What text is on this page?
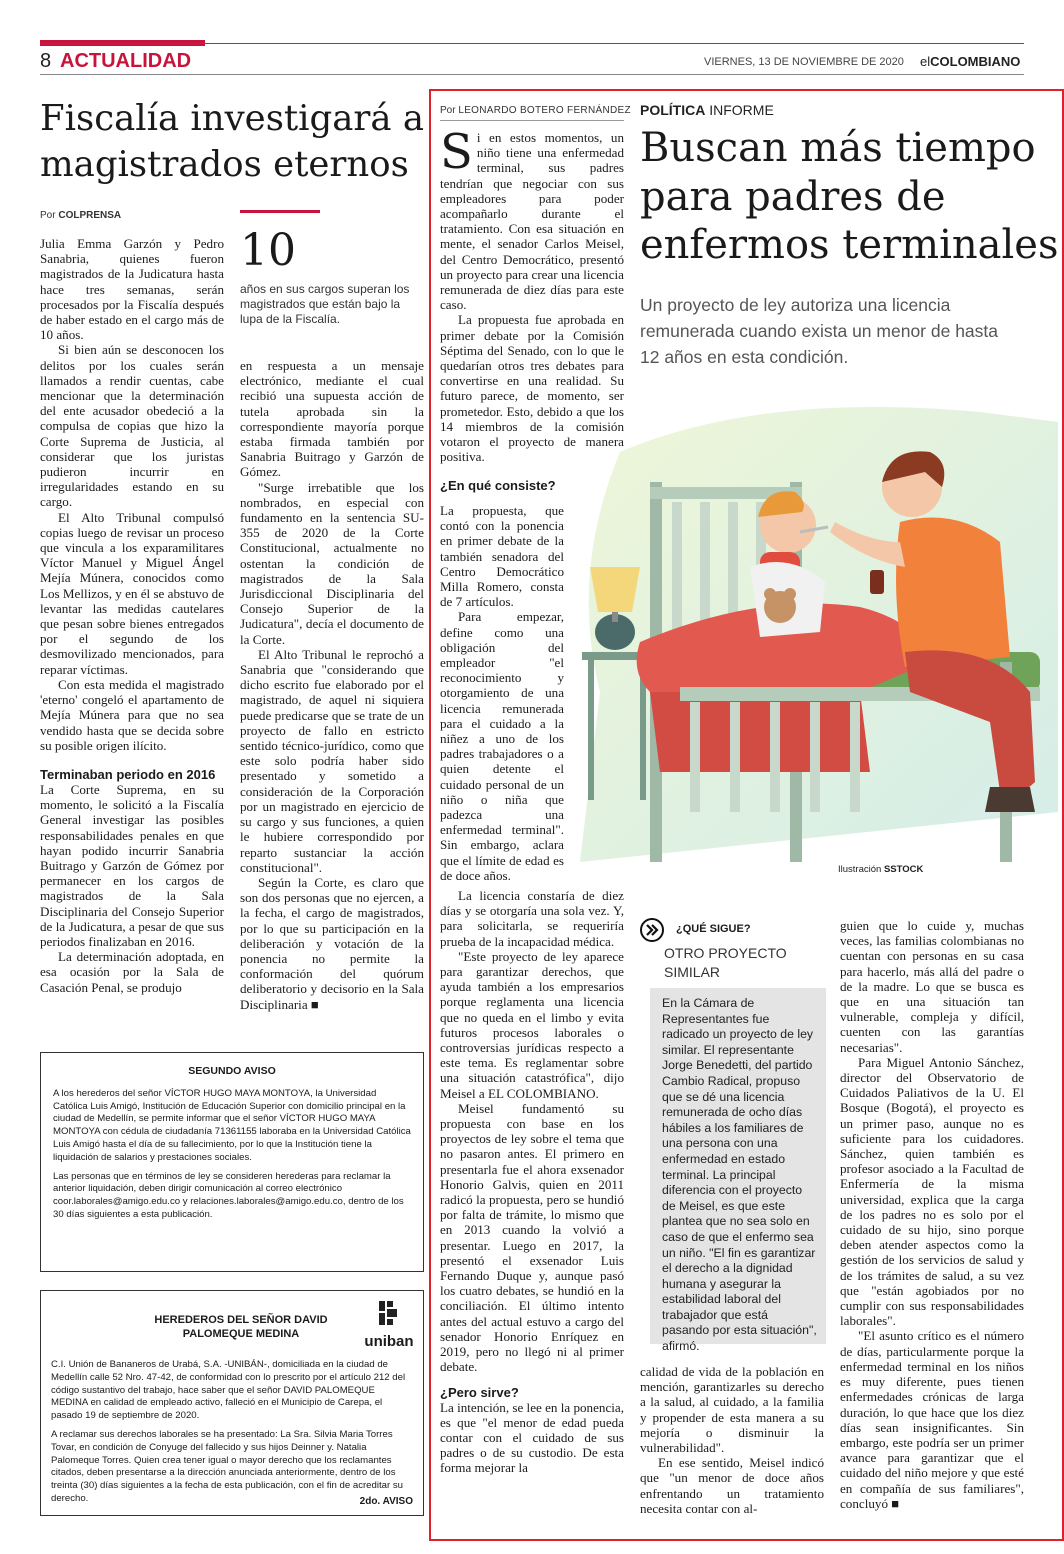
8 ACTUALIDAD	VIERNES, 13 DE NOVIEMBRE DE 2020 elCOLOMBIANO
Fiscalía investigará a magistrados eternos
Por COLPRENSA
10
años en sus cargos superan los magistrados que están bajo la lupa de la Fiscalía.

Julia Emma Garzón y Pedro Sanabria, quienes fueron magistrados de la Judicatura hasta hace tres semanas, serán procesados por la Fiscalía después de haber estado en el cargo más de 10 años.

Si bien aún se desconocen los delitos por los cuales serán llamados a rendir cuentas, cabe mencionar que la determinación del ente acusador obedeció a la compulsa de copias que hizo la Corte Suprema de Justicia, al considerar que los juristas pudieron incurrir en irregularidades estando en su cargo.

El Alto Tribunal compulsó copias luego de revisar un proceso que vincula a los exparamilitares Víctor Manuel y Miguel Ángel Mejía Múnera, conocidos como Los Mellizos, y en él se abstuvo de levantar las medidas cautelares que pesan sobre bienes entregados por el segundo de los desmovilizado mencionados, para reparar víctimas.

Con esta medida el magistrado 'eterno' congeló el apartamento de Mejía Múnera para que no sea vendido hasta que se decida sobre su posible origen ilícito.

Terminaban periodo en 2016

La Corte Suprema, en su momento, le solicitó a la Fiscalía General investigar las posibles responsabilidades penales en que hayan podido incurrir Sanabria Buitrago y Garzón de Gómez por permanecer en los cargos de magistrados de la Sala Disciplinaria del Consejo Superior de la Judicatura, a pesar de que sus periodos finalizaban en 2016.

La determinación adoptada, en esa ocasión por la Sala de Casación Penal, se produjo

en respuesta a un mensaje electrónico, mediante el cual recibió una supuesta acción de tutela aprobada sin la correspondiente mayoría porque estaba firmada también por Sanabria Buitrago y Garzón de Gómez.

"Surge irrebatible que los nombrados, en especial con fundamento en la sentencia SU-355 de 2020 de la Corte Constitucional, actualmente no ostentan la condición de magistrados de la Sala Jurisdiccional Disciplinaria del Consejo Superior de la Judicatura", decía el documento de la Corte.

El Alto Tribunal le reprochó a Sanabria que "considerando que dicho escrito fue elaborado por el magistrado, de aquel ni siquiera puede predicarse que se trate de un proyecto de fallo en estricto sentido técnico-jurídico, como que este solo podría haber sido presentado y sometido a consideración de la Corporación por un magistrado en ejercicio de su cargo y sus funciones, a quien le hubiere correspondido por reparto sustanciar la acción constitucional".

Según la Corte, es claro que son dos personas que no ejercen, a la fecha, el cargo de magistrados, por lo que su participación en la deliberación y votación de la ponencia no permite la conformación del quórum deliberatorio y decisorio en la Sala Disciplinaria ■

SEGUNDO AVISO

A los herederos del señor VÍCTOR HUGO MAYA MONTOYA, la Universidad Católica Luis Amigó, Institución de Educación Superior con domicilio principal en la ciudad de Medellín, se permite informar que el señor VÍCTOR HUGO MAYA MONTOYA con cédula de ciudadanía 71361155 laboraba en la Universidad Católica Luis Amigó hasta el día de su fallecimiento, por lo que la Institución tiene la liquidación de salarios y prestaciones sociales.

Las personas que en términos de ley se consideren herederas para reclamar la anterior liquidación, deben dirigir comunicación al correo electrónico coor.laborales@amigo.edu.co y relaciones.laborales@amigo.edu.co, dentro de los 30 días siguientes a esta publicación.

HEREDEROS DEL SEÑOR DAVID PALOMEQUE MEDINA	uniban

C.I. Unión de Bananeros de Urabá, S.A. -UNIBÁN-, domiciliada en la ciudad de Medellín calle 52 Nro. 47-42, de conformidad con lo prescrito por el artículo 212 del código sustantivo del trabajo, hace saber que el señor DAVID PALOMEQUE MEDINA en calidad de empleado activo, falleció en el Municipio de Carepa, el pasado 19 de septiembre de 2020.

A reclamar sus derechos laborales se ha presentado: La Sra. Silvia Maria Torres Tovar, en condición de Conyuge del fallecido y sus hijos Deinner y. Natalia Palomeque Torres. Quien crea tener igual o mayor derecho que los reclamantes citados, deben presentarse a la dirección anunciada anteriormente, dentro de los treinta (30) días siguientes a la fecha de esta publicación, con el fin de acreditar su derecho.	2do. AVISO
Por LEONARDO BOTERO FERNÁNDEZ POLÍTICA INFORME
Buscan más tiempo para padres de enfermos terminales
Un proyecto de ley autoriza una licencia remunerada cuando exista un menor de hasta 12 años en esta condición.
Ilustración SSTOCK

Si en estos momentos, un niño tiene una enfermedad terminal, sus padres tendrían que negociar con sus empleadores para poder acompañarlo durante el tratamiento. Con esa situación en mente, el senador Carlos Meisel, del Centro Democrático, presentó un proyecto para crear una licencia remunerada de diez días para este caso.

La propuesta fue aprobada en primer debate por la Comisión Séptima del Senado, con lo que le quedarían otros tres debates para convertirse en una realidad. Su futuro parece, de momento, ser prometedor. Esto, debido a que los 14 miembros de la comisión votaron el proyecto de manera positiva.

¿En qué consiste?

La propuesta, que contó con la ponencia en primer debate de la también senadora del Centro Democrático Milla Romero, consta de 7 artículos.

Para empezar, define como una obligación del empleador "el reconocimiento y otorgamiento de una licencia remunerada para el cuidado a la niñez a uno de los padres trabajadores o a quien detente el cuidado personal de un niño o niña que padezca una enfermedad terminal". Sin embargo, aclara que el límite de edad es de doce años.

La licencia constaría de diez días y se otorgaría una sola vez. Y, para solicitarla, se requeriría prueba de la incapacidad médica.

"Este proyecto de ley aparece para garantizar derechos, que ayuda también a los empresarios porque reglamenta una licencia que no queda en el limbo y evita futuros procesos laborales o controversias jurídicas respecto a este tema. Es reglamentar sobre una situación catastrófica", dijo Meisel a EL COLOMBIANO.

Meisel fundamentó su propuesta con base en los proyectos de ley sobre el tema que no pasaron antes. El primero en presentarla fue el ahora exsenador Honorio Galvis, quien en 2011 radicó la propuesta, pero se hundió por falta de trámite, lo mismo que en 2013 cuando la volvió a presentar. Luego en 2017, la presentó el exsenador Luis Fernando Duque y, aunque pasó los cuatro debates, se hundió en la conciliación. El último intento antes del actual estuvo a cargo del senador Honorio Enríquez en 2019, pero no llegó ni al primer debate.

¿Pero sirve?

La intención, se lee en la ponencia, es que "el menor de edad pueda contar con el cuidado de sus padres o de su custodio. De esta forma mejorar la

¿QUÉ SIGUE?
OTRO PROYECTO SIMILAR
En la Cámara de Representantes fue radicado un proyecto de ley similar. El representante Jorge Benedetti, del partido Cambio Radical, propuso que se dé una licencia remunerada de ocho días hábiles a los familiares de una persona con una enfermedad en estado terminal. La principal diferencia con el proyecto de Meisel, es que este plantea que no sea solo en caso de que el enfermo sea un niño. "El fin es garantizar el derecho a la dignidad humana y asegurar la estabilidad laboral del trabajador que está pasando por esta situación", afirmó.

calidad de vida de la población en mención, garantizarles su derecho a la salud, al cuidado, a la familia y propender de esta manera a su mejoría o disminuir la vulnerabilidad".

En ese sentido, Meisel indicó que "un menor de doce años enfrentando un tratamiento necesita contar con al-

guien que lo cuide y, muchas veces, las familias colombianas no cuentan con personas en su casa para hacerlo, más allá del padre o de la madre. Lo que se busca es que en una situación tan vulnerable, compleja y difícil, cuenten con las garantías necesarias".

Para Miguel Antonio Sánchez, director del Observatorio de Cuidados Paliativos de la U. El Bosque (Bogotá), el proyecto es un primer paso, aunque no es suficiente para los cuidadores. Sánchez, quien también es profesor asociado a la Facultad de Enfermería de la misma universidad, explica que la carga de los padres no es solo por el cuidado de su hijo, sino porque deben atender aspectos como la gestión de los servicios de salud y de los trámites de salud, a su vez que "están agobiados por no cumplir con sus responsabilidades laborales".

"El asunto crítico es el número de días, particularmente porque la enfermedad terminal en los niños es muy diferente, pues tienen enfermedades crónicas de larga duración, lo que hace que los diez días sean insignificantes. Sin embargo, este podría ser un primer avance para garantizar que el cuidado del niño mejore y que esté en compañía de sus familiares", concluyó ■
